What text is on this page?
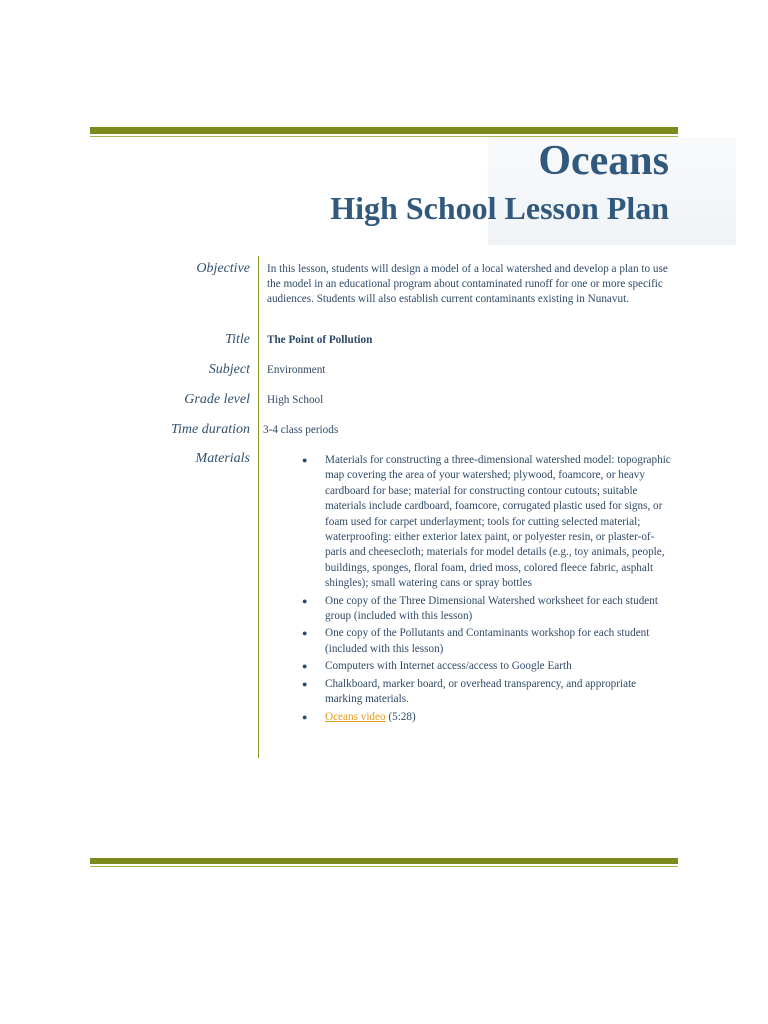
Oceans
High School Lesson Plan
Objective In this lesson, students will design a model of a local watershed and develop a plan to use the model in an educational program about contaminated runoff for one or more specific audiences. Students will also establish current contaminants existing in Nunavut.
Title The Point of Pollution
Subject Environment
Grade level High School
Time duration 3-4 class periods
Materials	● Materials for constructing a three-dimensional watershed model: topographic map covering the area of your watershed; plywood, foamcore, or heavy cardboard for base; material for constructing contour cutouts; suitable materials include cardboard, foamcore, corrugated plastic used for signs, or foam used for carpet underlayment; tools for cutting selected material; waterproofing: either exterior latex paint, or polyester resin, or plaster-of-paris and cheesecloth; materials for model details (e.g., toy animals, people, buildings, sponges, floral foam, dried moss, colored fleece fabric, asphalt shingles); small watering cans or spray bottles
● One copy of the Three Dimensional Watershed worksheet for each student group (included with this lesson)
● One copy of the Pollutants and Contaminants workshop for each student (included with this lesson)
● Computers with Internet access/access to Google Earth
● Chalkboard, marker board, or overhead transparency, and appropriate marking materials.
● Oceans video (5:28)
